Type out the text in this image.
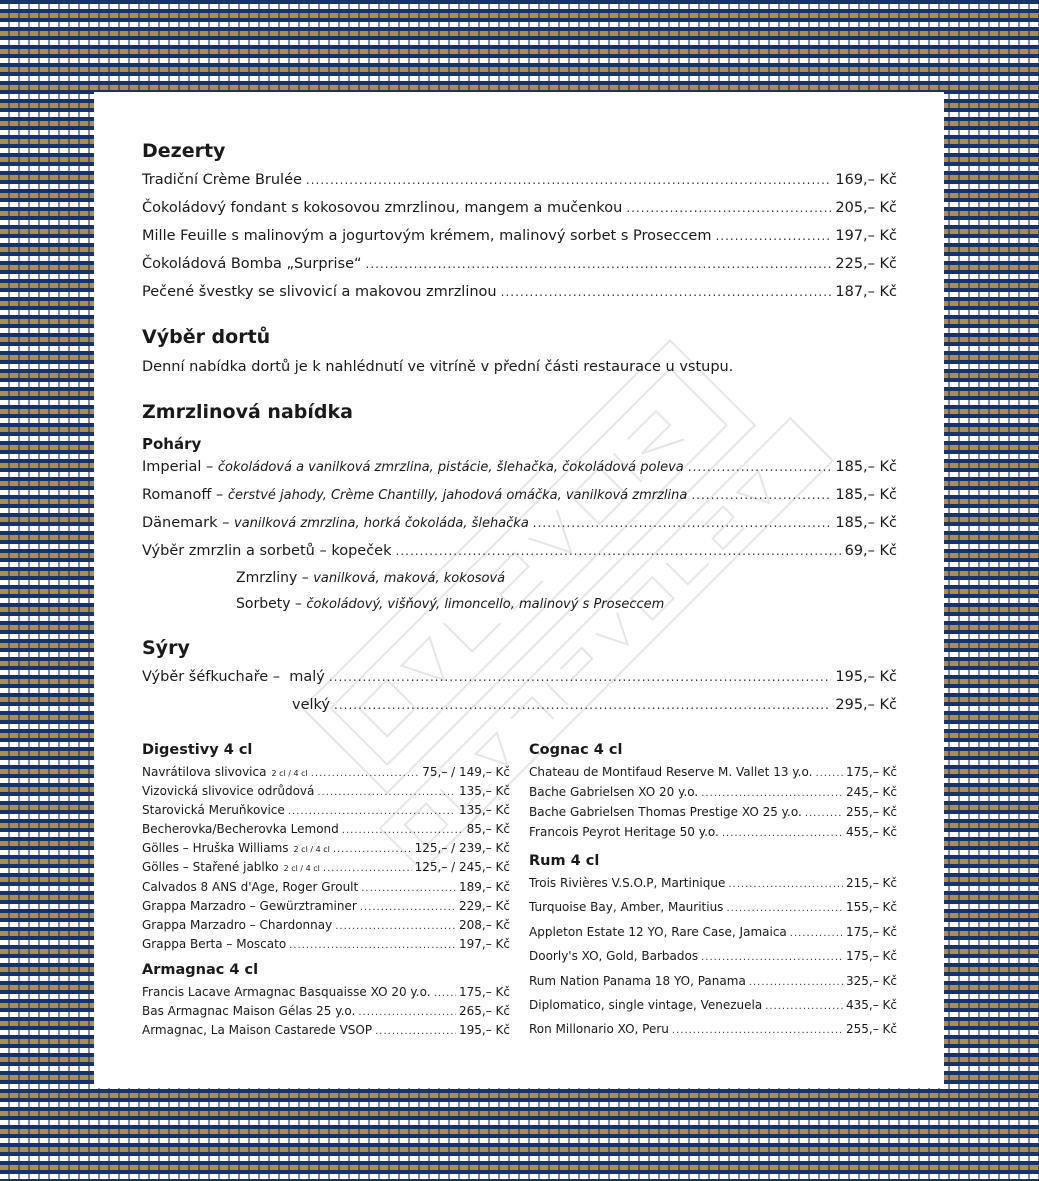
Dezerty
Tradiční Crème Brulée .....	169,– Kč
Čokoládový fondant s kokosovou zmrzlinou, mangem a mučenkou .....	205,– Kč
Mille Feuille s malinovým a jogurtovým krémem, malinový sorbet s Proseccem .....	197,– Kč
Čokoládová Bomba „Surprise“ .....	225,– Kč
Pečené švestky se slivovicí a makovou zmrzlinou .....	187,– Kč
Výběr dortů
Denní nabídka dortů je k nahlédnutí ve vitríně v přední části restaurace u vstupu.
Zmrzlinová nabídka
Poháry
Imperial – čokoládová a vanilková zmrzlina, pistácie, šlehačka, čokoládová poleva .....	185,– Kč
Romanoff – čerstvé jahody, Crème Chantilly, jahodová omáčka, vanilková zmrzlina .....	185,– Kč
Dänemark – vanilková zmrzlina, horká čokoláda, šlehačka .....	185,– Kč
Výběr zmrzlin a sorbetů – kopeček .....	69,– Kč
Zmrzliny – vanilková, maková, kokosová
Sorbety – čokoládový, višňový, limoncello, malinový s Proseccem
Sýry
Výběr šéfkuchaře –  malý .....	195,– Kč
velký .....	295,– Kč
Digestivy 4 cl
Navrátilova slivovica 2 cl / 4 cl .....	75,– / 149,– Kč
Vizovická slivovice odrůdová .....	135,– Kč
Starovická Meruňkovice .....	135,– Kč
Becherovka/Becherovka Lemond .....	85,– Kč
Gölles – Hruška Williams 2 cl / 4 cl .....	125,– / 239,– Kč
Gölles – Stařené jablko 2 cl / 4 cl .....	125,– / 245,– Kč
Calvados 8 ANS d'Age, Roger Groult .....	189,– Kč
Grappa Marzadro – Gewürztraminer .....	229,– Kč
Grappa Marzadro – Chardonnay .....	208,– Kč
Grappa Berta – Moscato .....	197,– Kč
Armagnac 4 cl
Francis Lacave Armagnac Basquaisse XO 20 y.o. ..... 175,– Kč
Bas Armagnac Maison Gélas 25 y.o. .....	265,– Kč
Armagnac, La Maison Castarede VSOP .....	195,– Kč
Cognac 4 cl
Chateau de Montifaud Reserve M. Vallet 13 y.o. .....	175,– Kč
Bache Gabrielsen XO 20 y.o. .....	245,– Kč
Bache Gabrielsen Thomas Prestige XO 25 y.o. .....	255,– Kč
Francois Peyrot Heritage 50 y.o. .....	455,– Kč
Rum 4 cl
Trois Rivières V.S.O.P, Martinique .....	215,– Kč
Turquoise Bay, Amber, Mauritius .....	155,– Kč
Appleton Estate 12 YO, Rare Case, Jamaica .....	175,– Kč
Doorly's XO, Gold, Barbados .....	175,– Kč
Rum Nation Panama 18 YO, Panama .....	325,– Kč
Diplomatico, single vintage, Venezuela .....	435,– Kč
Ron Millonario XO, Peru .....	255,– Kč
